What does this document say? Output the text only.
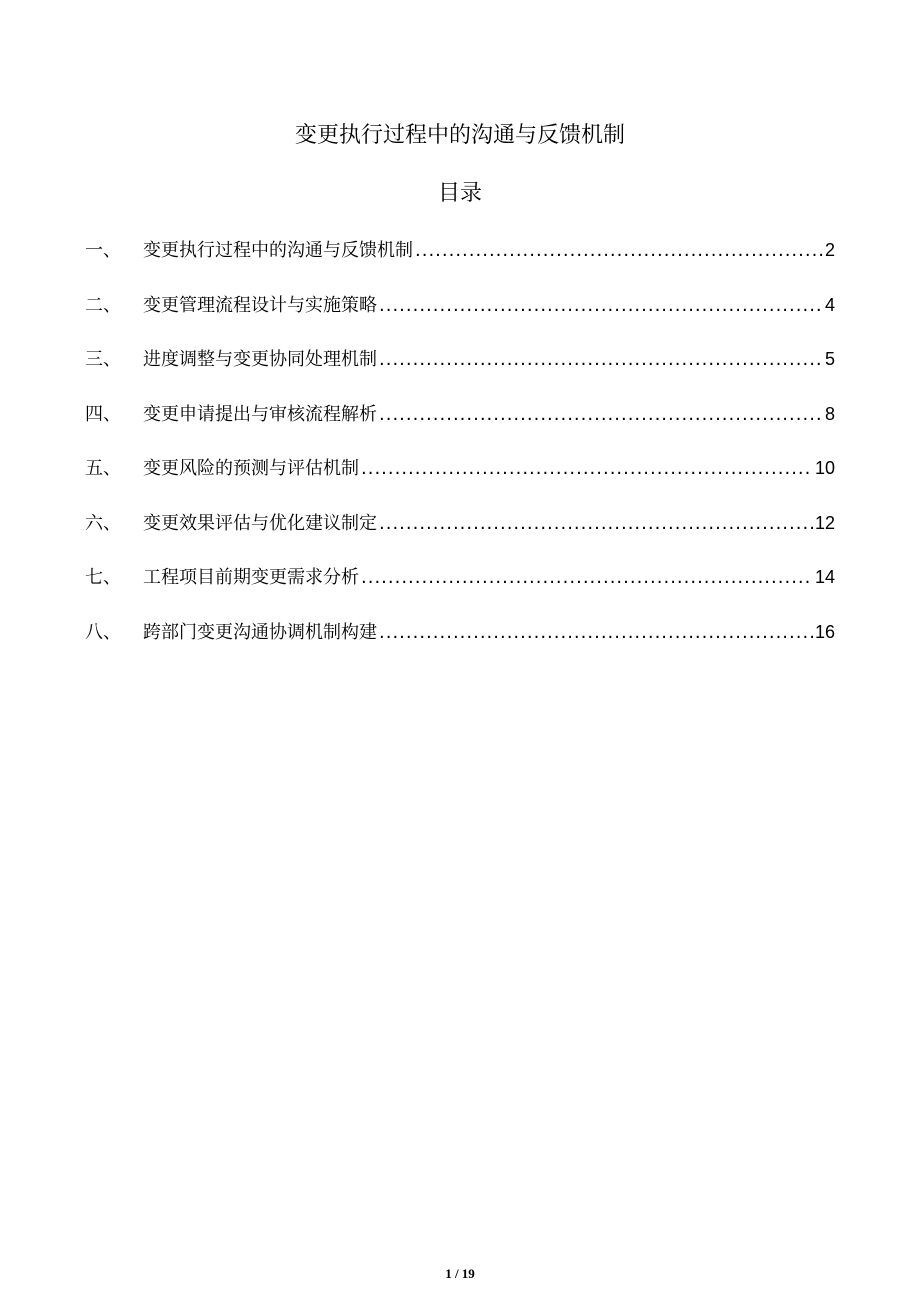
变更执行过程中的沟通与反馈机制
目录
一、	变更执行过程中的沟通与反馈机制 .....	2
二、	变更管理流程设计与实施策略 .....	4
三、	进度调整与变更协同处理机制 .....	5
四、	变更申请提出与审核流程解析 .....	8
五、	变更风险的预测与评估机制 .....	10
六、	变更效果评估与优化建议制定 .....	12
七、	工程项目前期变更需求分析 .....	14
八、	跨部门变更沟通协调机制构建 .....	16
1 / 19
